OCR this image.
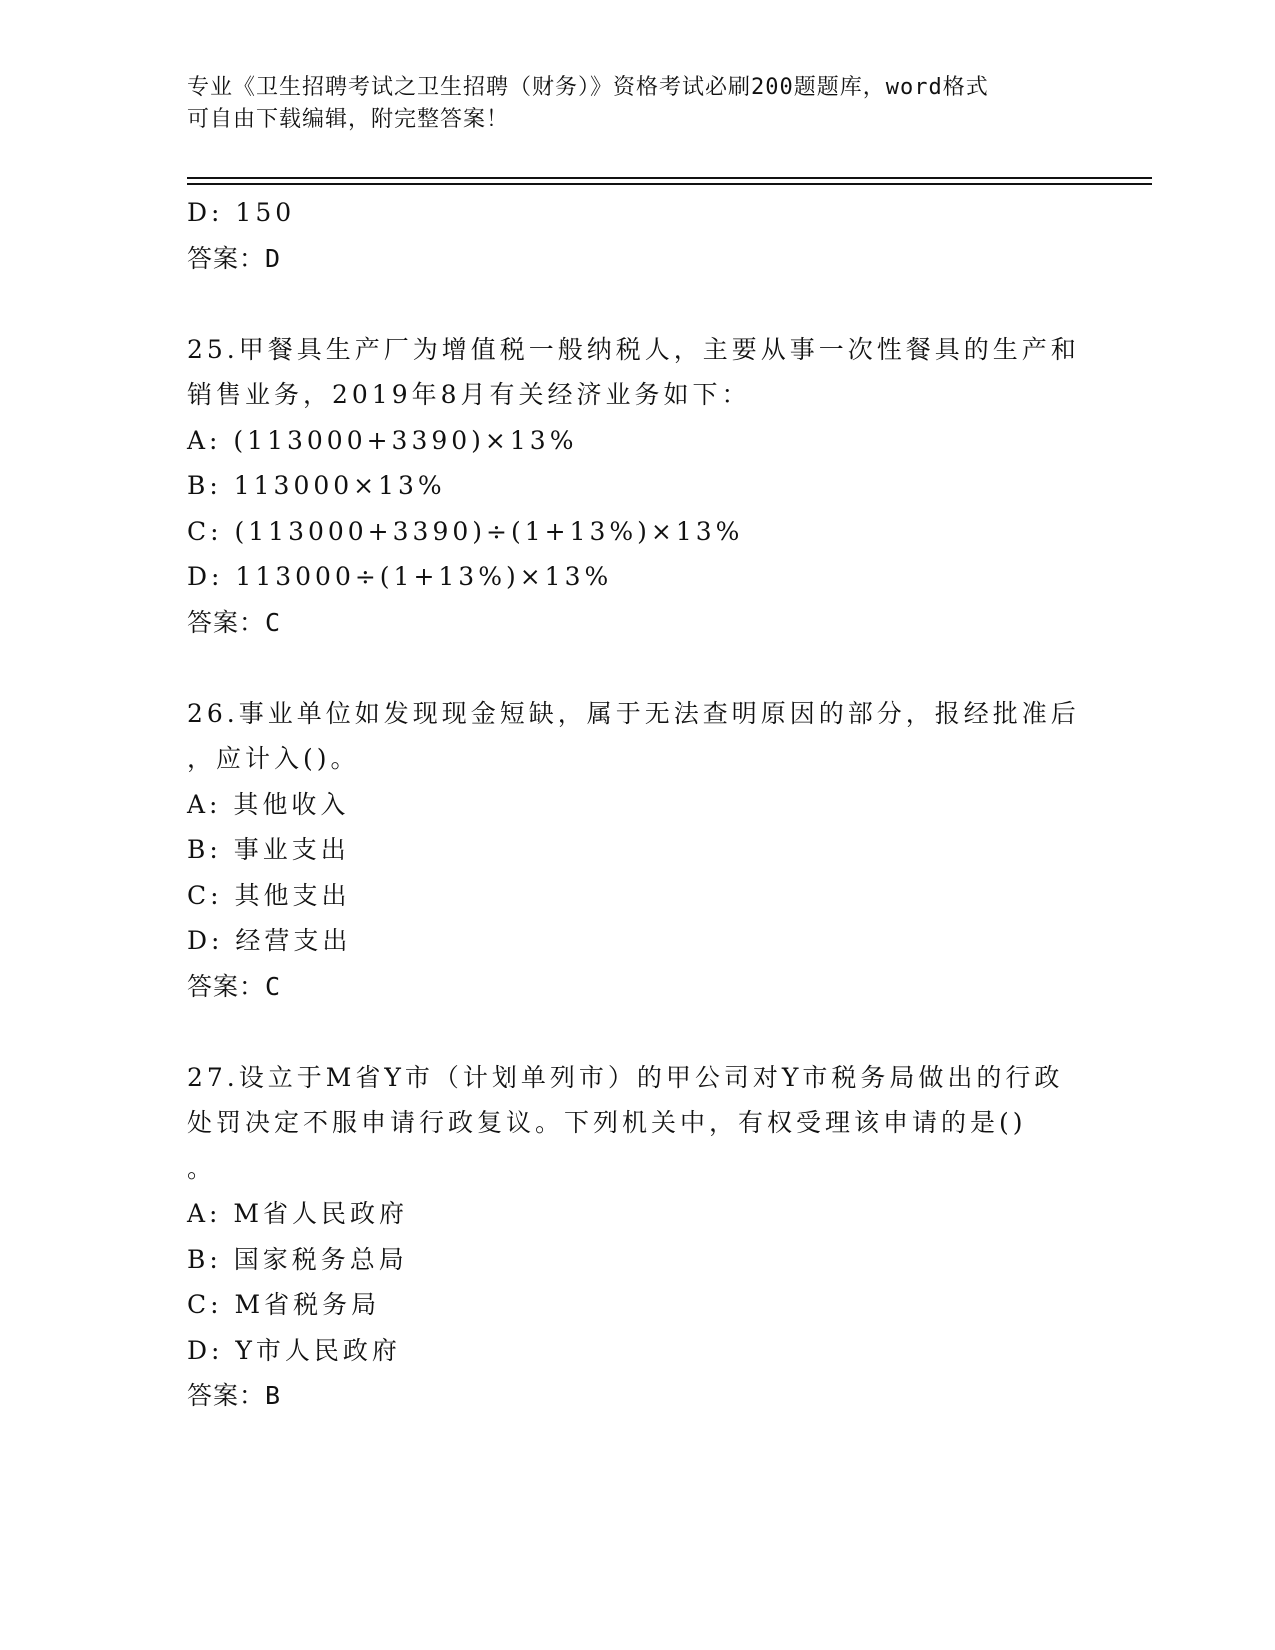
专业《卫生招聘考试之卫生招聘（财务）》资格考试必刷200题题库，word格式
可自由下载编辑，附完整答案！
D: 150
答案：D
25.甲餐具生产厂为增值税一般纳税人，主要从事一次性餐具的生产和
销售业务，2019年8月有关经济业务如下：
A: (113000+3390)×13%
B: 113000×13%
C: (113000+3390)÷(1+13%)×13%
D: 113000÷(1+13%)×13%
答案：C
26.事业单位如发现现金短缺，属于无法查明原因的部分，报经批准后
，应计入()。
A: 其他收入
B: 事业支出
C: 其他支出
D: 经营支出
答案：C
27.设立于M省Y市（计划单列市）的甲公司对Y市税务局做出的行政
处罚决定不服申请行政复议。下列机关中，有权受理该申请的是()
。
A: M省人民政府
B: 国家税务总局
C: M省税务局
D: Y市人民政府
答案：B
